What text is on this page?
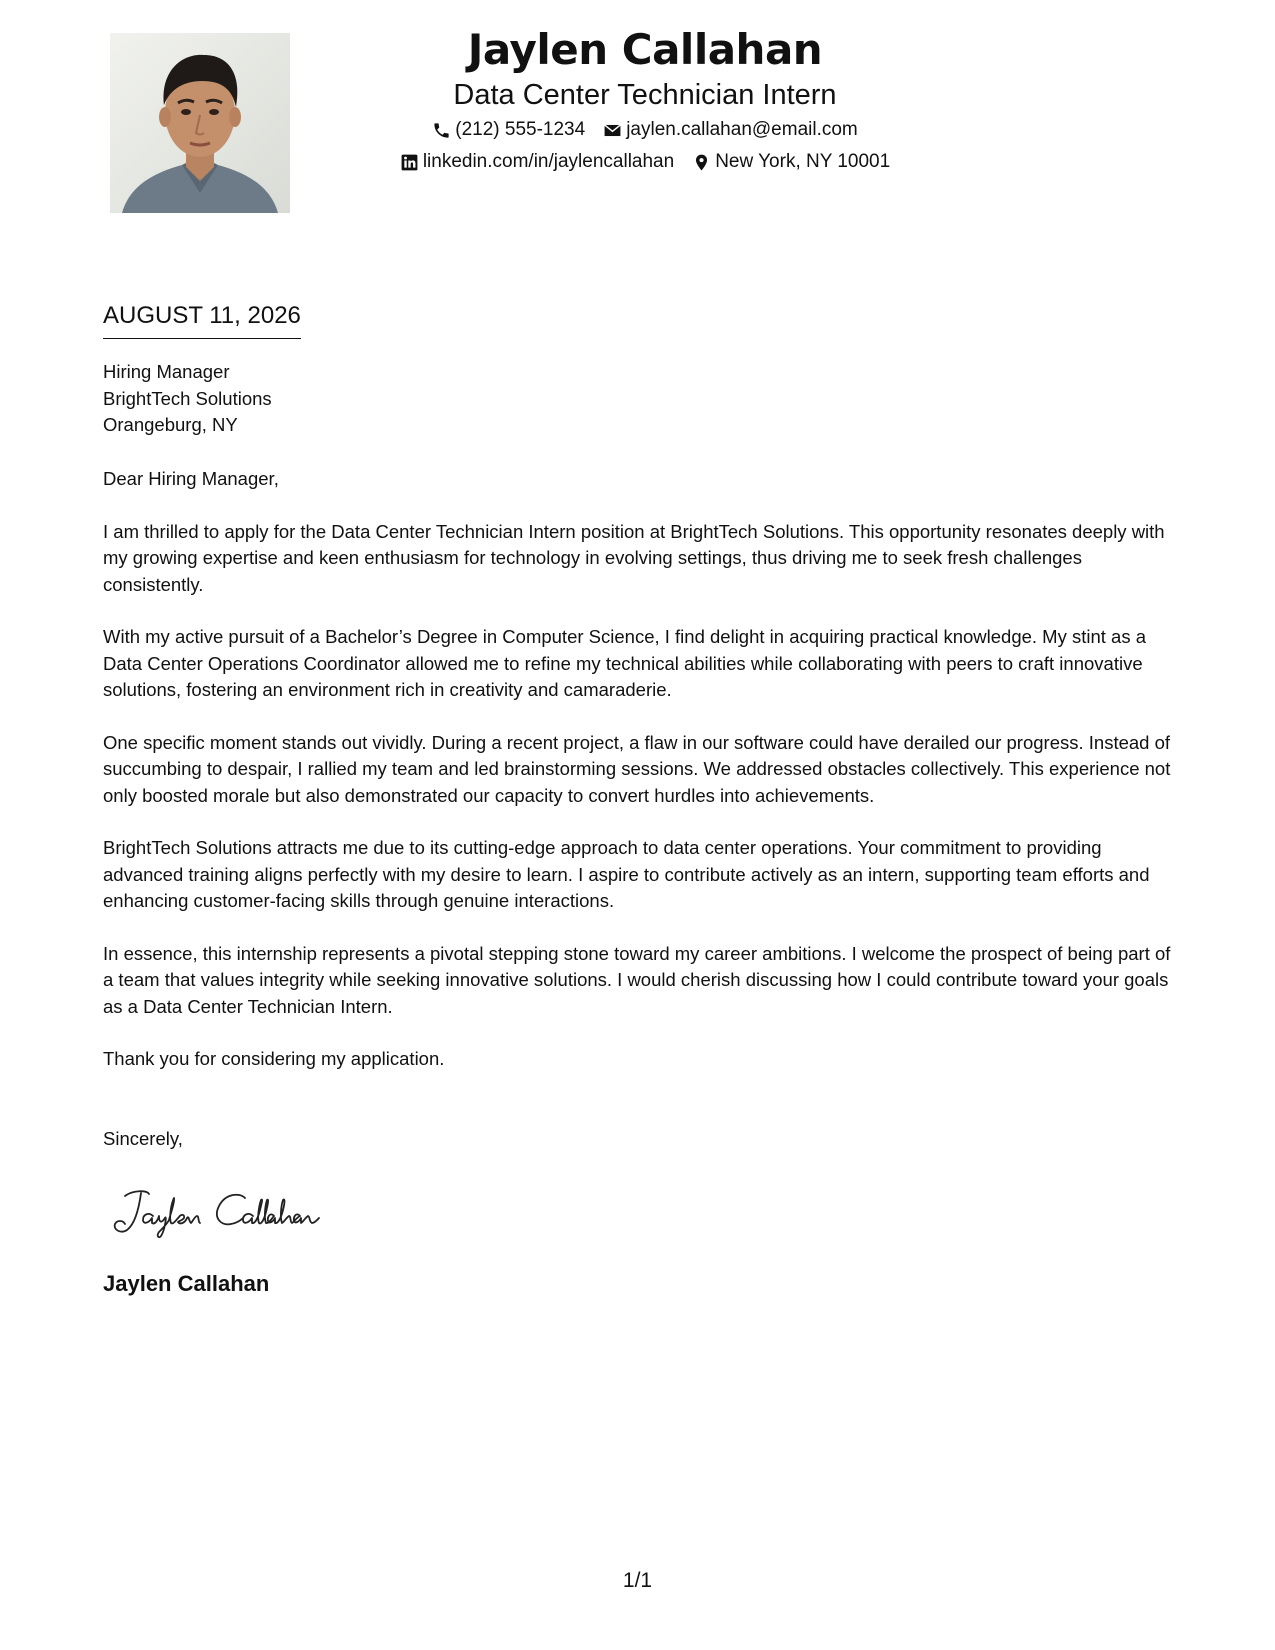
Jaylen Callahan
Data Center Technician Intern
(212) 555-1234 jaylen.callahan@email.com
linkedin.com/in/jaylencallahan New York, NY 10001
AUGUST 11, 2026
Hiring Manager
BrightTech Solutions
Orangeburg, NY

Dear Hiring Manager,

I am thrilled to apply for the Data Center Technician Intern position at BrightTech Solutions. This opportunity resonates deeply with my growing expertise and keen enthusiasm for technology in evolving settings, thus driving me to seek fresh challenges consistently.

With my active pursuit of a Bachelor’s Degree in Computer Science, I find delight in acquiring practical knowledge. My stint as a Data Center Operations Coordinator allowed me to refine my technical abilities while collaborating with peers to craft innovative solutions, fostering an environment rich in creativity and camaraderie.

One specific moment stands out vividly. During a recent project, a flaw in our software could have derailed our progress. Instead of succumbing to despair, I rallied my team and led brainstorming sessions. We addressed obstacles collectively. This experience not only boosted morale but also demonstrated our capacity to convert hurdles into achievements.

BrightTech Solutions attracts me due to its cutting-edge approach to data center operations. Your commitment to providing advanced training aligns perfectly with my desire to learn. I aspire to contribute actively as an intern, supporting team efforts and enhancing customer-facing skills through genuine interactions.

In essence, this internship represents a pivotal stepping stone toward my career ambitions. I welcome the prospect of being part of a team that values integrity while seeking innovative solutions. I would cherish discussing how I could contribute toward your goals as a Data Center Technician Intern.

Thank you for considering my application.

Sincerely,
Jaylen Callahan
1/1
